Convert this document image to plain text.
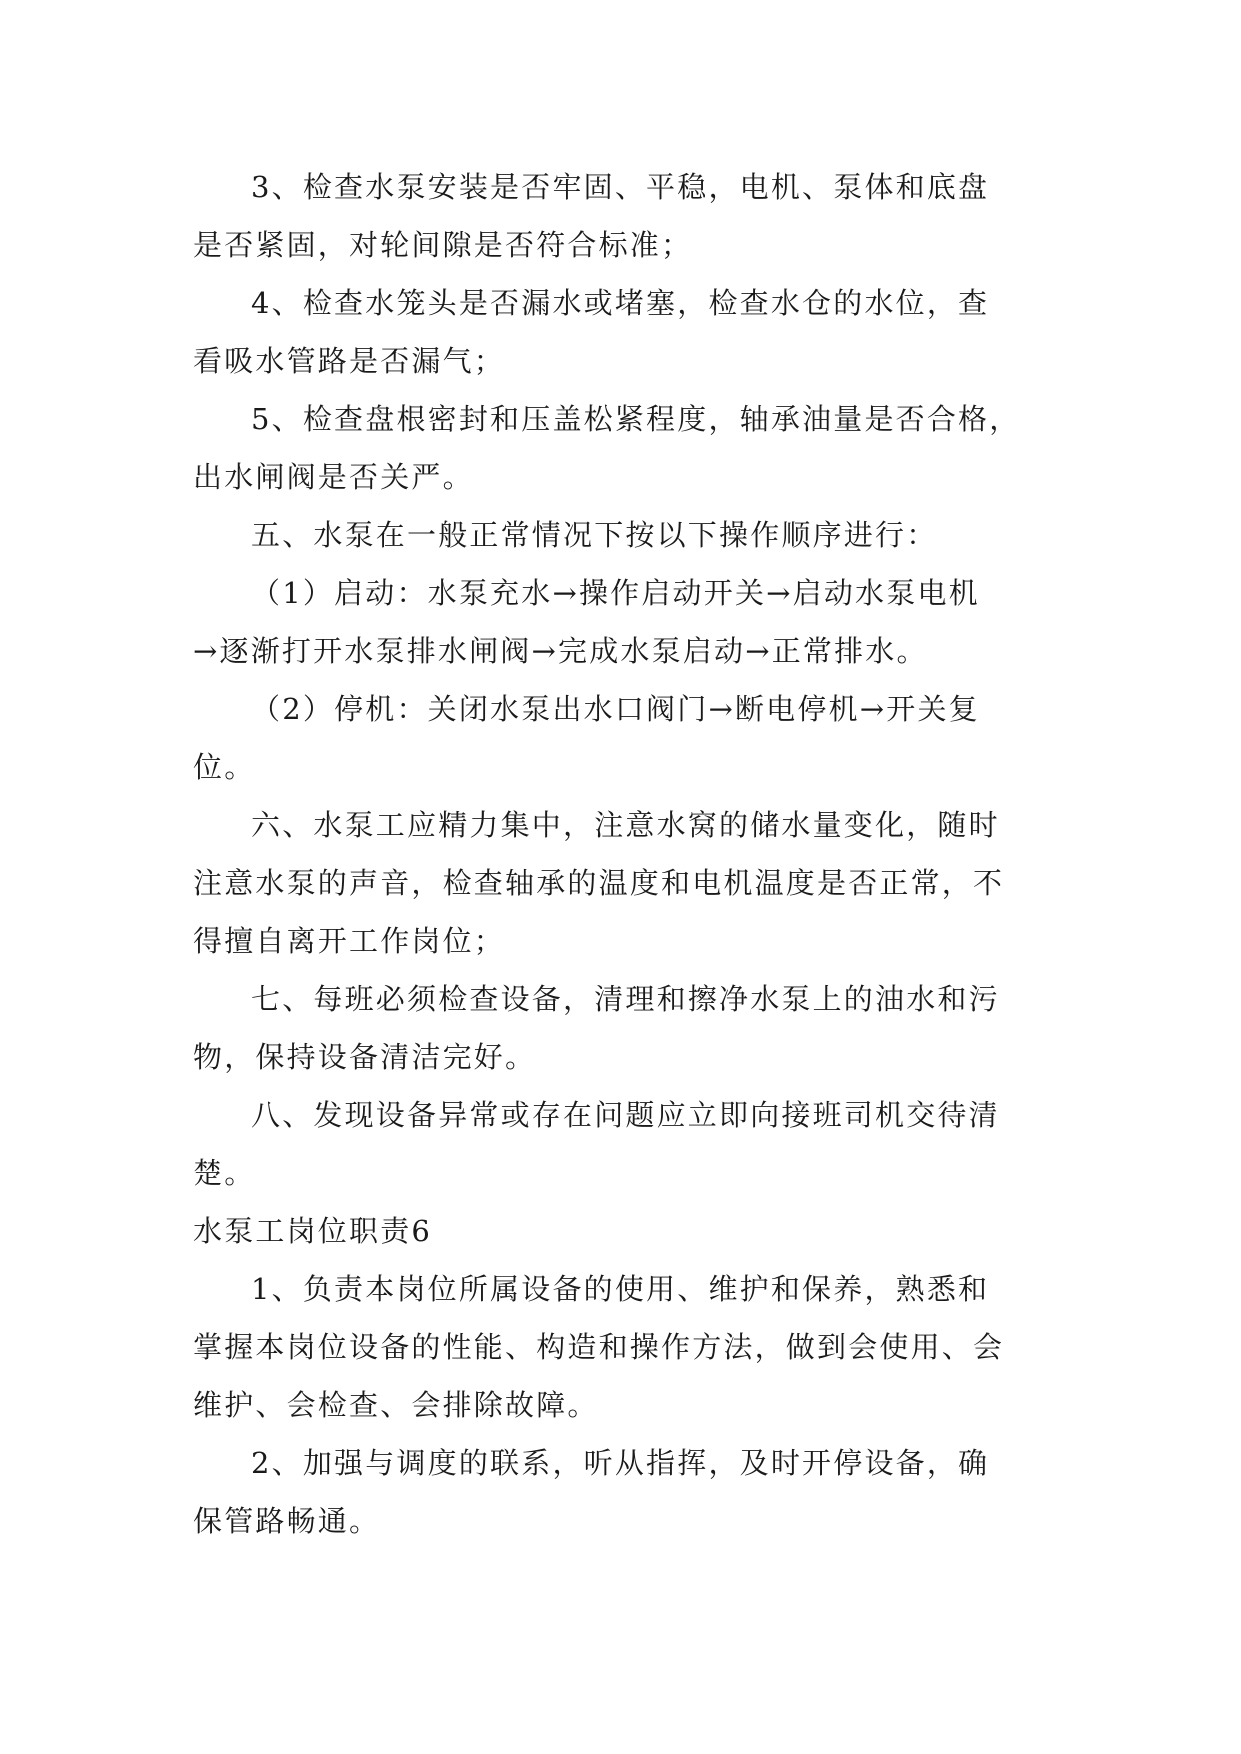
3、检查水泵安装是否牢固、平稳，电机、泵体和底盘
是否紧固，对轮间隙是否符合标准；

4、检查水笼头是否漏水或堵塞，检查水仓的水位，查
看吸水管路是否漏气；

5、检查盘根密封和压盖松紧程度，轴承油量是否合格，
出水闸阀是否关严。

五、水泵在一般正常情况下按以下操作顺序进行：

（1）启动：水泵充水→操作启动开关→启动水泵电机
→逐渐打开水泵排水闸阀→完成水泵启动→正常排水。

（2）停机：关闭水泵出水口阀门→断电停机→开关复
位。

六、水泵工应精力集中，注意水窝的储水量变化，随时
注意水泵的声音，检查轴承的温度和电机温度是否正常，不
得擅自离开工作岗位；

七、每班必须检查设备，清理和擦净水泵上的油水和污
物，保持设备清洁完好。

八、发现设备异常或存在问题应立即向接班司机交待清
楚。

水泵工岗位职责6

1、负责本岗位所属设备的使用、维护和保养，熟悉和
掌握本岗位设备的性能、构造和操作方法，做到会使用、会
维护、会检查、会排除故障。

2、加强与调度的联系，听从指挥，及时开停设备，确
保管路畅通。
